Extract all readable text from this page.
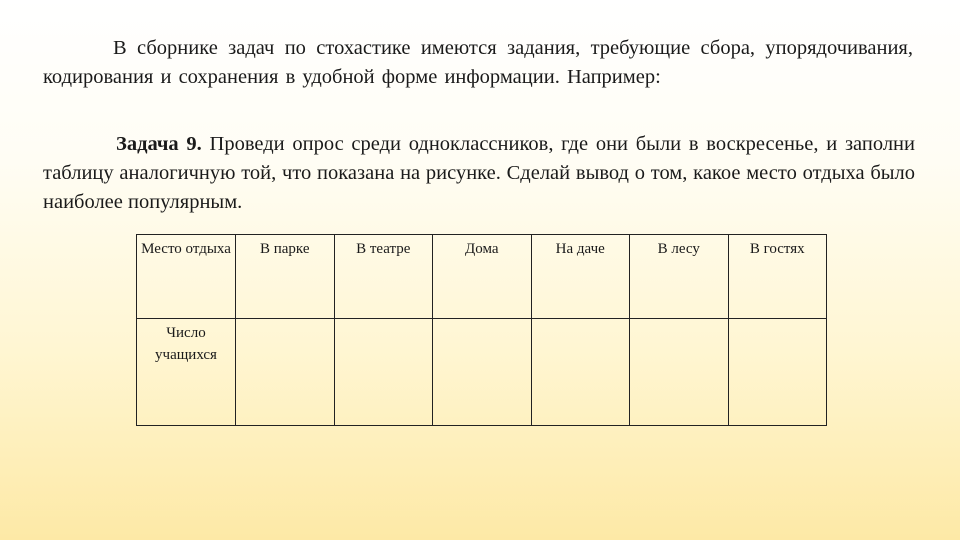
В сборнике задач по стохастике имеются задания, требующие сбора, упорядочивания, кодирования и сохранения в удобной форме информации. Например:

Задача 9. Проведи опрос среди одноклассников, где они были в воскресенье, и заполни таблицу аналогичную той, что показана на рисунке. Сделай вывод о том, какое место отдыха было наиболее популярным.

Место отдыха	В парке	В театре	Дома	На даче	В лесу	В гостях
Число учащихся						
